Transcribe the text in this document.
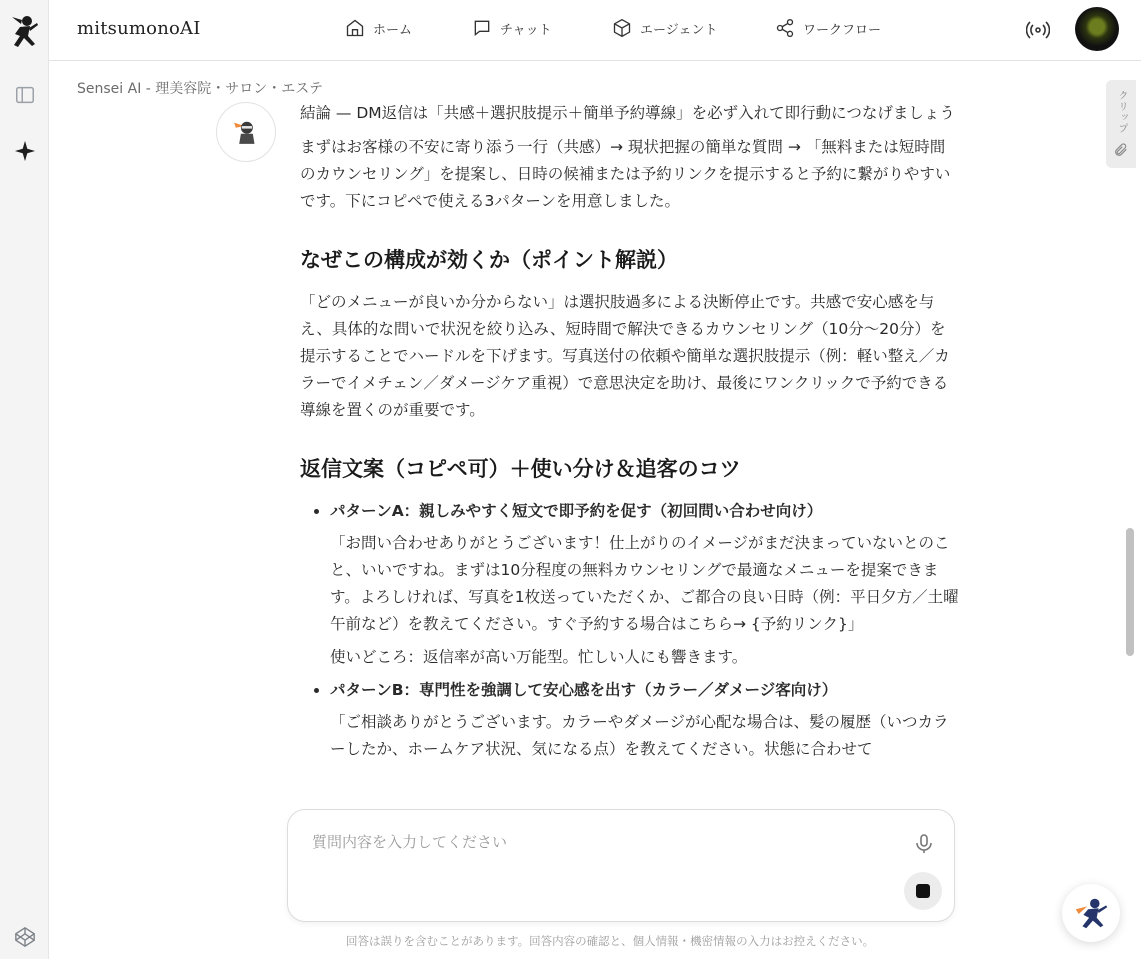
mitsumonoAI	ホーム	チャット	エージェント	ワークフロー
Sensei AI - 理美容院・サロン・エステ

結論 — DM返信は「共感＋選択肢提示＋簡単予約導線」を必ず入れて即行動につなげましょう

まずはお客様の不安に寄り添う一行（共感）→ 現状把握の簡単な質問 → 「無料または短時間のカウンセリング」を提案し、日時の候補または予約リンクを提示すると予約に繋がりやすいです。下にコピペで使える3パターンを用意しました。

なぜこの構成が効くか（ポイント解説）

「どのメニューが良いか分からない」は選択肢過多による決断停止です。共感で安心感を与え、具体的な問いで状況を絞り込み、短時間で解決できるカウンセリング（10分〜20分）を提示することでハードルを下げます。写真送付の依頼や簡単な選択肢提示（例：軽い整え／カラーでイメチェン／ダメージケア重視）で意思決定を助け、最後にワンクリックで予約できる導線を置くのが重要です。

返信文案（コピペ可）＋使い分け＆追客のコツ
• パターンA：親しみやすく短文で即予約を促す（初回問い合わせ向け）
「お問い合わせありがとうございます！仕上がりのイメージがまだ決まっていないとのこと、いいですね。まずは10分程度の無料カウンセリングで最適なメニューを提案できます。よろしければ、写真を1枚送っていただくか、ご都合の良い日時（例：平日夕方／土曜午前など）を教えてください。すぐ予約する場合はこちら→ {予約リンク}」
使いどころ：返信率が高い万能型。忙しい人にも響きます。
• パターンB：専門性を強調して安心感を出す（カラー／ダメージ客向け）
「ご相談ありがとうございます。カラーやダメージが心配な場合は、髪の履歴（いつカラーしたか、ホームケア状況、気になる点）を教えてください。状態に合わせて
クリップ
質問内容を入力してください
回答は誤りを含むことがあります。回答内容の確認と、個人情報・機密情報の入力はお控えください。
